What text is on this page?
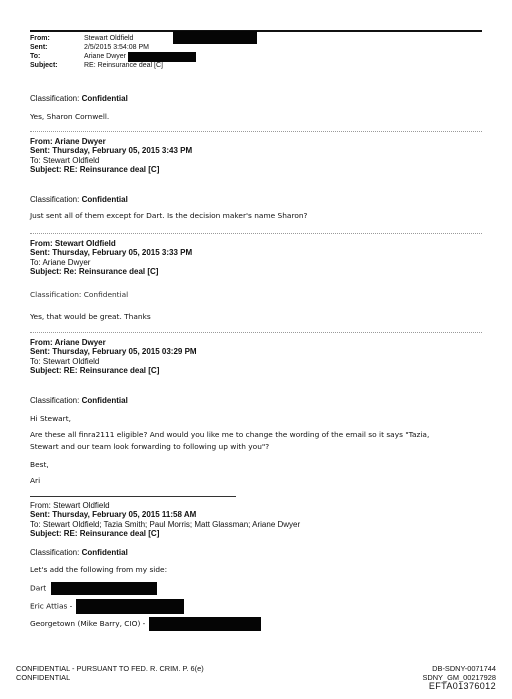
From:	Stewart Oldfield
Sent:	2/5/2015 3:54:08 PM
To:	Ariane Dwyer
Subject:	RE: Reinsurance deal [C]
Classification: Confidential
Yes, Sharon Cornwell.
From: Ariane Dwyer
Sent: Thursday, February 05, 2015 3:43 PM
To: Stewart Oldfield
Subject: RE: Reinsurance deal [C]
Classification: Confidential
Just sent all of them except for Dart. Is the decision maker's name Sharon?
From: Stewart Oldfield
Sent: Thursday, February 05, 2015 3:33 PM
To: Ariane Dwyer
Subject: Re: Reinsurance deal [C]
Classification: Confidential
Yes, that would be great. Thanks
From: Ariane Dwyer
Sent: Thursday, February 05, 2015 03:29 PM
To: Stewart Oldfield
Subject: RE: Reinsurance deal [C]
Classification: Confidential
Hi Stewart,
Are these all finra2111 eligible? And would you like me to change the wording of the email so it says "Tazia,
Stewart and our team look forwarding to following up with you"?
Best,
Ari
From: Stewart Oldfield
Sent: Thursday, February 05, 2015 11:58 AM
To: Stewart Oldfield; Tazia Smith; Paul Morris; Matt Glassman; Ariane Dwyer
Subject: RE: Reinsurance deal [C]
Classification: Confidential
Let's add the following from my side:
Dart
Eric Attias -
Georgetown (Mike Barry, CIO) -
CONFIDENTIAL - PURSUANT TO FED. R. CRIM. P. 6(e)
CONFIDENTIAL
DB-SDNY-0071744
SDNY_GM_00217928
EFTA01376012
